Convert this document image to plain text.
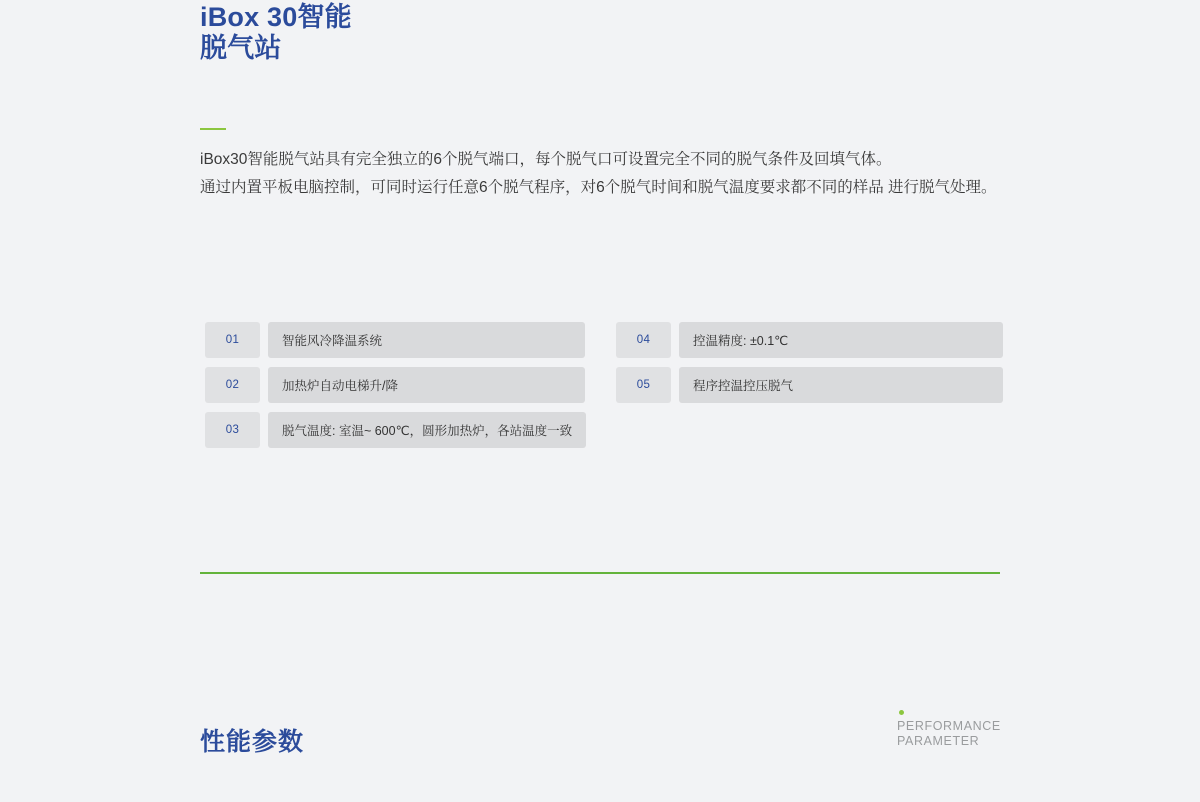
iBox 30智能
脱气站

iBox30智能脱气站具有完全独立的6个脱气端口，每个脱气口可设置完全不同的脱气条件及回填气体。

通过内置平板电脑控制，可同时运行任意6个脱气程序，对6个脱气时间和脱气温度要求都不同的样品 进行脱气处理。

01	智能风冷降温系统
02	加热炉自动电梯升/降
03	脱气温度: 室温~ 600℃，圆形加热炉，各站温度一致
04	控温精度: ±0.1℃
05	程序控温控压脱气
性能参数
PERFORMANCE
PARAMETER
